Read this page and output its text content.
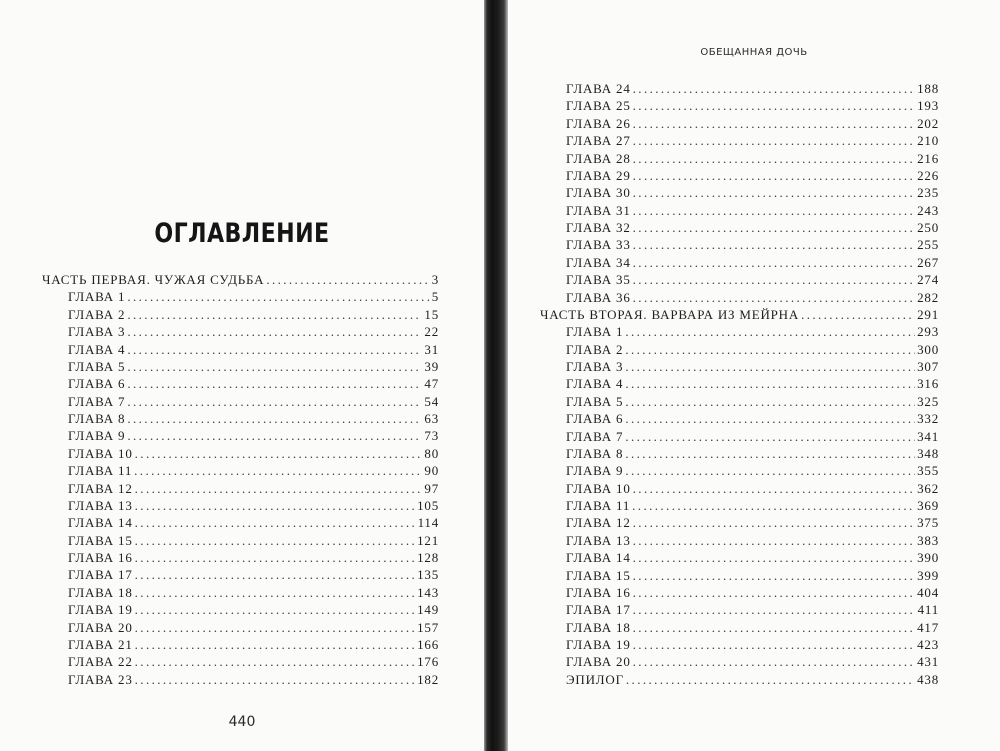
ОГЛАВЛЕНИЕ
440
ОБЕЩАННАЯ ДОЧЬ
ЧАСТЬ ПЕРВАЯ. ЧУЖАЯ СУДЬБА .....	3
ГЛАВА 1 .....	5
ГЛАВА 2 .....	15
ГЛАВА 3 .....	22
ГЛАВА 4 .....	31
ГЛАВА 5 .....	39
ГЛАВА 6 .....	47
ГЛАВА 7 .....	54
ГЛАВА 8 .....	63
ГЛАВА 9 .....	73
ГЛАВА 10 .....	80
ГЛАВА 11 .....	90
ГЛАВА 12 .....	97
ГЛАВА 13 .....	105
ГЛАВА 14 .....	114
ГЛАВА 15 .....	121
ГЛАВА 16 .....	128
ГЛАВА 17 .....	135
ГЛАВА 18 .....	143
ГЛАВА 19 .....	149
ГЛАВА 20 .....	157
ГЛАВА 21 .....	166
ГЛАВА 22 .....	176
ГЛАВА 23 .....	182
ГЛАВА 24 .....	188
ГЛАВА 25 .....	193
ГЛАВА 26 .....	202
ГЛАВА 27 .....	210
ГЛАВА 28 .....	216
ГЛАВА 29 .....	226
ГЛАВА 30 .....	235
ГЛАВА 31 .....	243
ГЛАВА 32 .....	250
ГЛАВА 33 .....	255
ГЛАВА 34 .....	267
ГЛАВА 35 .....	274
ГЛАВА 36 .....	282
ЧАСТЬ ВТОРАЯ. ВАРВАРА ИЗ МЕЙРНА .....	291
ГЛАВА 1 .....	293
ГЛАВА 2 .....	300
ГЛАВА 3 .....	307
ГЛАВА 4 .....	316
ГЛАВА 5 .....	325
ГЛАВА 6 .....	332
ГЛАВА 7 .....	341
ГЛАВА 8 .....	348
ГЛАВА 9 .....	355
ГЛАВА 10 .....	362
ГЛАВА 11 .....	369
ГЛАВА 12 .....	375
ГЛАВА 13 .....	383
ГЛАВА 14 .....	390
ГЛАВА 15 .....	399
ГЛАВА 16 .....	404
ГЛАВА 17 .....	411
ГЛАВА 18 .....	417
ГЛАВА 19 .....	423
ГЛАВА 20 .....	431
ЭПИЛОГ .....	438
